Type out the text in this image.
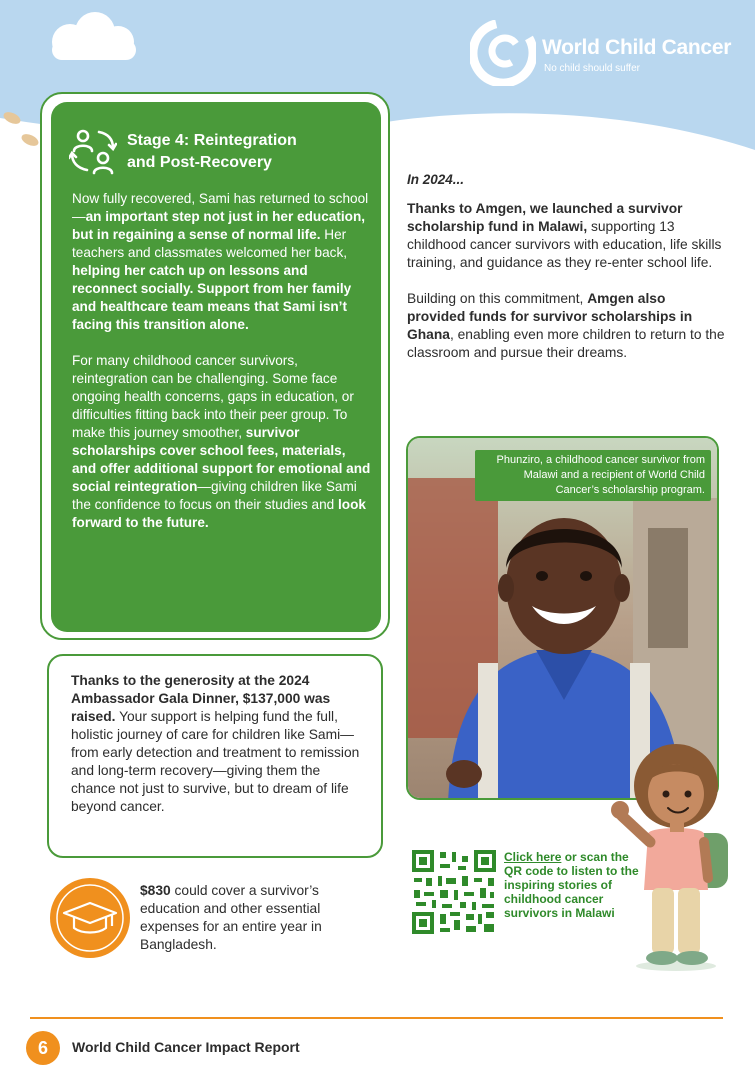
World Child Cancer
No child should suffer
Stage 4: Reintegration
and Post-Recovery

Now fully recovered, Sami has returned to school—an important step not just in her education, but in regaining a sense of normal life. Her teachers and classmates welcomed her back, helping her catch up on lessons and reconnect socially. Support from her family and healthcare team means that Sami isn’t facing this transition alone.

For many childhood cancer survivors, reintegration can be challenging. Some face ongoing health concerns, gaps in education, or difficulties fitting back into their peer group. To make this journey smoother, survivor scholarships cover school fees, materials, and offer additional support for emotional and social reintegration—giving children like Sami the confidence to focus on their studies and look forward to the future.

Thanks to the generosity at the 2024 Ambassador Gala Dinner, $137,000 was raised. Your support is helping fund the full, holistic journey of care for children like Sami—from early detection and treatment to remission and long-term recovery—giving them the chance not just to survive, but to dream of life beyond cancer.
$830 could cover a survivor’s education and other essential expenses for an entire year in Bangladesh.
In 2024...

Thanks to Amgen, we launched a survivor scholarship fund in Malawi, supporting 13 childhood cancer survivors with education, life skills training, and guidance as they re-enter school life.

Building on this commitment, Amgen also provided funds for survivor scholarships in Ghana, enabling even more children to return to the classroom and pursue their dreams.

Phunziro, a childhood cancer survivor from Malawi and a recipient of World Child Cancer’s scholarship program.
Click here or scan the QR code to listen to the inspiring stories of childhood cancer survivors in Malawi
6	World Child Cancer Impact Report
